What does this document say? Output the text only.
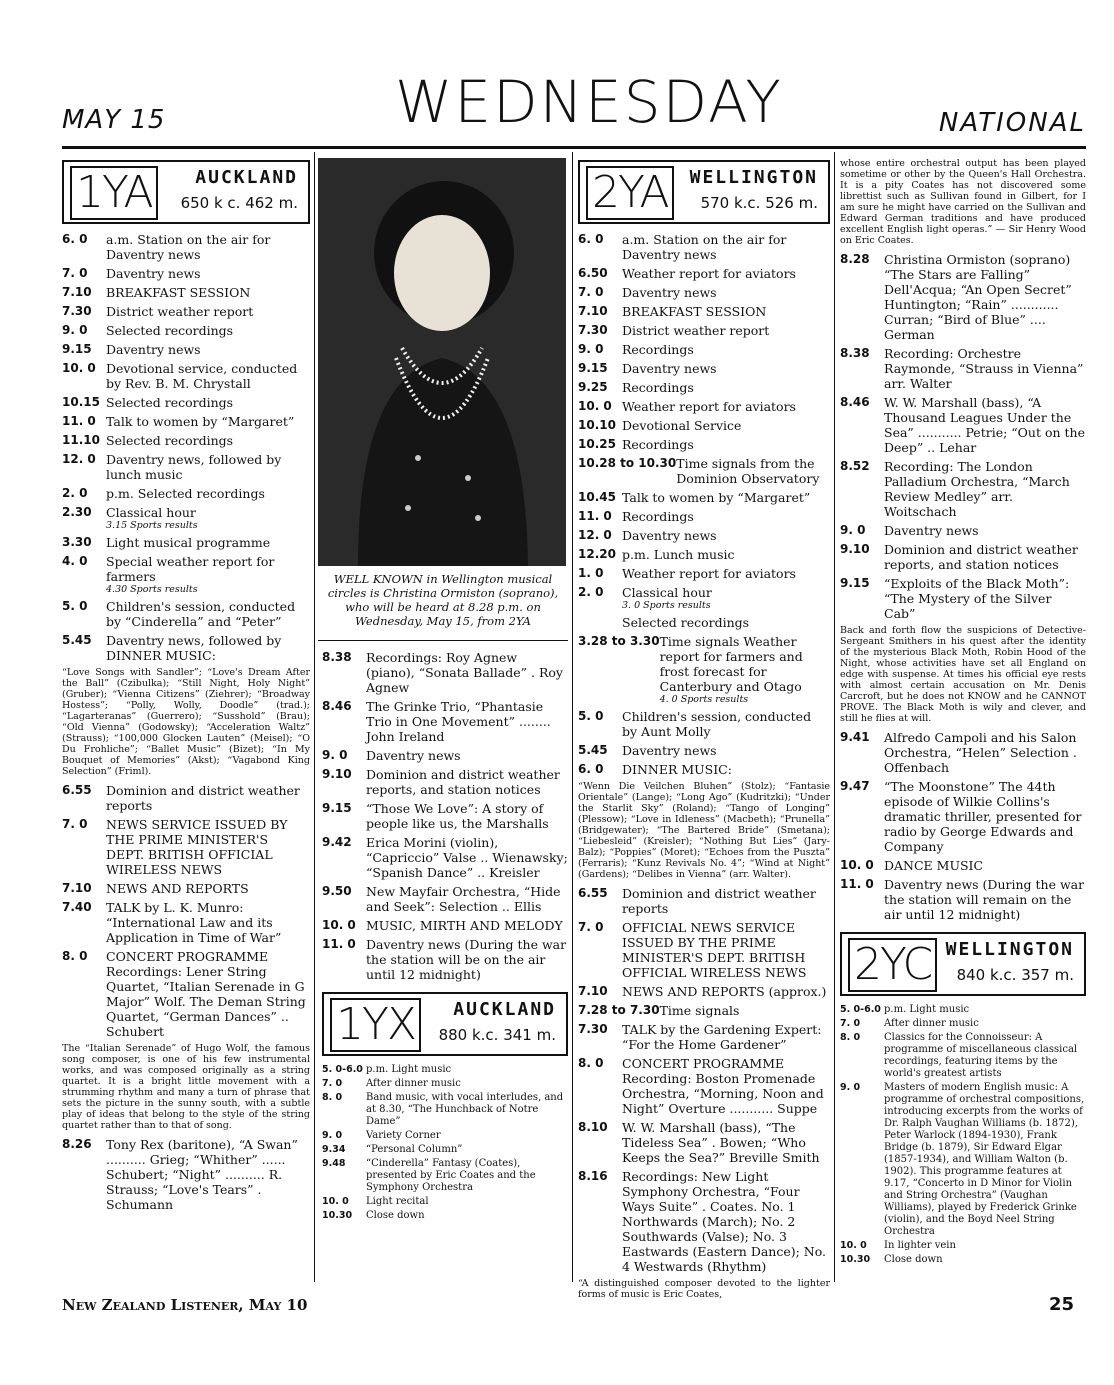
MAY 15	WEDNESDAY	NATIONAL
1YA	AUCKLAND
650 k c. 462 m.
6. 0	a.m. Station on the air for Daventry news
7. 0	Daventry news
7.10	BREAKFAST SESSION
7.30	District weather report
9. 0	Selected recordings
9.15	Daventry news
10. 0 Devotional service, conducted by Rev. B. M. Chrystall
10.15 Selected recordings
11. 0 Talk to women by “Margaret”
11.10 Selected recordings
12. 0 Daventry news, followed by lunch music
2. 0	p.m. Selected recordings
2.30	Classical hour
3.15 Sports results
3.30	Light musical programme
4. 0	Special weather report for farmers
4.30 Sports results
5. 0	Children's session, conducted by “Cinderella” and “Peter”
5.45	Daventry news, followed by DINNER MUSIC:
“Love Songs with Sandler”; “Love's Dream After the Ball” (Czibulka); “Still Night, Holy Night” (Gruber); “Vienna Citizens” (Ziehrer); “Broadway Hostess”; “Polly, Wolly, Doodle” (trad.); “Lagarteranas” (Guerrero); “Susshold” (Brau); “Old Vienna” (Godowsky); “Acceleration Waltz” (Strauss); “100,000 Glocken Lauten” (Meisel); “O Du Frohliche”; “Ballet Music” (Bizet); “In My Bouquet of Memories” (Akst); “Vagabond King Selection” (Friml).
6.55	Dominion and district weather reports
7. 0	NEWS SERVICE ISSUED BY THE PRIME MINISTER'S DEPT. BRITISH OFFICIAL WIRELESS NEWS
7.10	NEWS AND REPORTS
7.40	TALK by L. K. Munro: “International Law and its Application in Time of War”
8. 0	CONCERT PROGRAMME Recordings: Lener String Quartet, “Italian Serenade in G Major” Wolf. The Deman String Quartet, “German Dances” .. Schubert
The “Italian Serenade” of Hugo Wolf, the famous song composer, is one of his few instrumental works, and was composed originally as a string quartet. It is a bright little movement with a strumming rhythm and many a turn of phrase that sets the picture in the sunny south, with a subtle play of ideas that belong to the style of the string quartet rather than to that of song.
8.26	Tony Rex (baritone), “A Swan” .......... Grieg; “Whither” ...... Schubert; “Night” .......... R. Strauss; “Love's Tears” . Schumann
WELL KNOWN in Wellington musical circles is Christina Ormiston (soprano), who will be heard at 8.28 p.m. on Wednesday, May 15, from 2YA
8.38	Recordings: Roy Agnew (piano), “Sonata Ballade” . Roy Agnew
8.46	The Grinke Trio, “Phantasie Trio in One Movement” ........ John Ireland
9. 0	Daventry news
9.10	Dominion and district weather reports, and station notices
9.15	“Those We Love”: A story of people like us, the Marshalls
9.42	Erica Morini (violin), “Capriccio” Valse .. Wienawsky; “Spanish Dance” .. Kreisler
9.50	New Mayfair Orchestra, “Hide and Seek”: Selection .. Ellis
10. 0 MUSIC, MIRTH AND MELODY
11. 0 Daventry news (During the war the station will be on the air until 12 midnight)
1YX	AUCKLAND
880 k.c. 341 m.
5. 0-6.0 p.m. Light music
7. 0	After dinner music
8. 0	Band music, with vocal interludes, and at 8.30, “The Hunchback of Notre Dame”
9. 0	Variety Corner
9.34	“Personal Column”
9.48	“Cinderella” Fantasy (Coates), presented by Eric Coates and the Symphony Orchestra
10. 0	Light recital
10.30	Close down
2YA	WELLINGTON
570 k.c. 526 m.
6. 0	a.m. Station on the air for Daventry news
6.50	Weather report for aviators
7. 0	Daventry news
7.10	BREAKFAST SESSION
7.30	District weather report
9. 0	Recordings
9.15	Daventry news
9.25	Recordings
10. 0 Weather report for aviators
10.10 Devotional Service
10.25 Recordings
10.28 to 10.30 Time signals from the Dominion Observatory
10.45 Talk to women by “Margaret”
11. 0 Recordings
12. 0 Daventry news
12.20 p.m. Lunch music
1. 0	Weather report for aviators
2. 0	Classical hour
3. 0 Sports results
Selected recordings
3.28 to 3.30 Time signals Weather report for farmers and frost forecast for Canterbury and Otago
4. 0 Sports results
5. 0	Children's session, conducted by Aunt Molly
5.45	Daventry news
6. 0	DINNER MUSIC:
“Wenn Die Veilchen Bluhen” (Stolz); “Fantasie Orientale” (Lange); “Long Ago” (Kudritzki); “Under the Starlit Sky” (Roland); “Tango of Longing” (Plessow); “Love in Idleness” (Macbeth); “Prunella” (Bridgewater); “The Bartered Bride” (Smetana); “Liebesleid” (Kreisler); “Nothing But Lies” (Jary-Balz); “Poppies” (Moret); “Echoes from the Puszta” (Ferraris); “Kunz Revivals No. 4”; “Wind at Night” (Gardens); “Delibes in Vienna” (arr. Walter).
6.55	Dominion and district weather reports
7. 0	OFFICIAL NEWS SERVICE ISSUED BY THE PRIME MINISTER'S DEPT. BRITISH OFFICIAL WIRELESS NEWS
7.10	NEWS AND REPORTS (approx.)
7.28 to 7.30 Time signals
7.30	TALK by the Gardening Expert: “For the Home Gardener”
8. 0	CONCERT PROGRAMME Recording: Boston Promenade Orchestra, “Morning, Noon and Night” Overture ........... Suppe
8.10	W. W. Marshall (bass), “The Tideless Sea” . Bowen; “Who Keeps the Sea?” Breville Smith
8.16	Recordings: New Light Symphony Orchestra, “Four Ways Suite” . Coates. No. 1 Northwards (March); No. 2 Southwards (Valse); No. 3 Eastwards (Eastern Dance); No. 4 Westwards (Rhythm)
“A distinguished composer devoted to the lighter forms of music is Eric Coates,
whose entire orchestral output has been played sometime or other by the Queen's Hall Orchestra. It is a pity Coates has not discovered some librettist such as Sullivan found in Gilbert, for I am sure he might have carried on the Sullivan and Edward German traditions and have produced excellent English light operas.” — Sir Henry Wood on Eric Coates.
8.28	Christina Ormiston (soprano) “The Stars are Falling” Dell'Acqua; “An Open Secret” Huntington; “Rain” ............ Curran; “Bird of Blue” .... German
8.38	Recording: Orchestre Raymonde, “Strauss in Vienna” arr. Walter
8.46	W. W. Marshall (bass), “A Thousand Leagues Under the Sea” ........... Petrie; “Out on the Deep” .. Lehar
8.52	Recording: The London Palladium Orchestra, “March Review Medley” arr. Woitschach
9. 0	Daventry news
9.10	Dominion and district weather reports, and station notices
9.15	“Exploits of the Black Moth”: “The Mystery of the Silver Cab”
Back and forth flow the suspicions of Detective-Sergeant Smithers in his quest after the identity of the mysterious Black Moth, Robin Hood of the Night, whose activities have set all England on edge with suspense. At times his official eye rests with almost certain accusation on Mr. Denis Carcroft, but he does not KNOW and he CANNOT PROVE. The Black Moth is wily and clever, and still he flies at will.
9.41	Alfredo Campoli and his Salon Orchestra, “Helen” Selection . Offenbach
9.47	“The Moonstone” The 44th episode of Wilkie Collins's dramatic thriller, presented for radio by George Edwards and Company
10. 0 DANCE MUSIC
11. 0 Daventry news (During the war the station will remain on the air until 12 midnight)
2YC WELLINGTON
840 k.c. 357 m.
5. 0-6.0 p.m. Light music
7. 0	After dinner music
8. 0	Classics for the Connoisseur: A programme of miscellaneous classical recordings, featuring items by the world's greatest artists
9. 0	Masters of modern English music: A programme of orchestral compositions, introducing excerpts from the works of Dr. Ralph Vaughan Williams (b. 1872), Peter Warlock (1894-1930), Frank Bridge (b. 1879), Sir Edward Elgar (1857-1934), and William Walton (b. 1902). This programme features at 9.17, “Concerto in D Minor for Violin and String Orchestra” (Vaughan Williams), played by Frederick Grinke (violin), and the Boyd Neel String Orchestra
10. 0	In lighter vein
10.30	Close down
New Zealand Listener, May 10	25
